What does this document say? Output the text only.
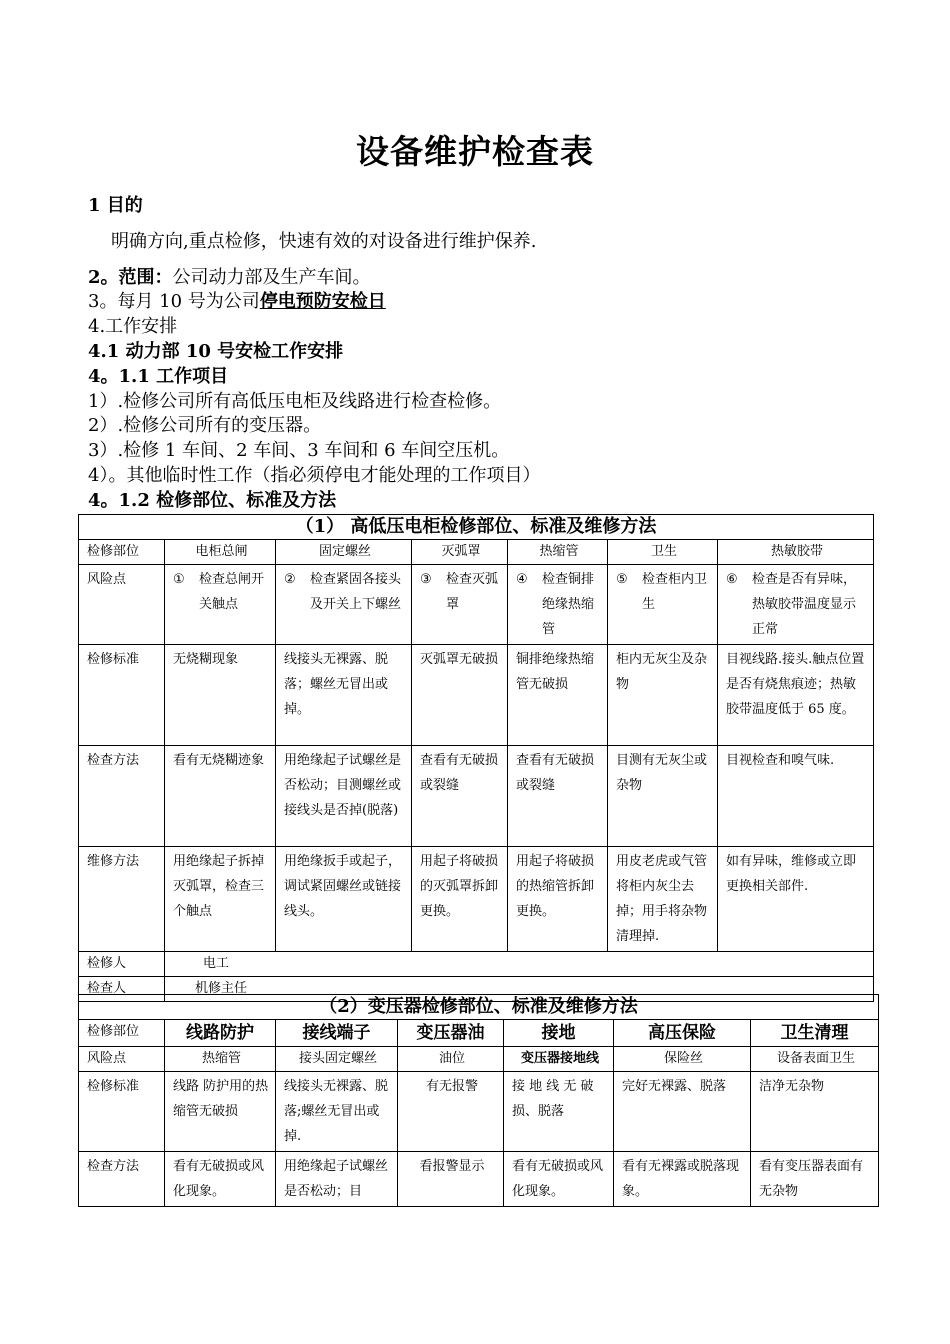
设备维护检查表
1 目的
明确方向,重点检修，快速有效的对设备进行维护保养.
2。范围：公司动力部及生产车间。
3。每月 10 号为公司停电预防安检日
4.工作安排
4.1 动力部 10 号安检工作安排
4。1.1 工作项目
1）.检修公司所有高低压电柜及线路进行检查检修。
2）.检修公司所有的变压器。
3）.检修 1 车间、2 车间、3 车间和 6 车间空压机。
4）。其他临时性工作（指必须停电才能处理的工作项目）
4。1.2 检修部位、标准及方法
（1） 高低压电柜检修部位、标准及维修方法						
检修部位	电柜总闸	固定螺丝	灭弧罩	热缩管	卫生	热敏胶带
风险点	① 检查总闸开关触点	② 检查紧固各接头及开关上下螺丝	③ 检查灭弧罩	④ 检查铜排绝缘热缩管	⑤ 检查柜内卫生	⑥ 检查是否有异味，热敏胶带温度显示正常

检修标准	无烧糊现象	线接头无裸露、脱落；螺丝无冒出或掉。	灭弧罩无破损	铜排绝缘热缩管无破损	柜内无灰尘及杂物	目视线路.接头.触点位置是否有烧焦痕迹；热敏胶带温度低于 65 度。
检查方法	看有无烧糊迹象	用绝缘起子试螺丝是否松动；目测螺丝或接线头是否掉(脱落)	查看有无破损或裂缝	查看有无破损或裂缝	目测有无灰尘或杂物	目视检查和嗅气味.
维修方法	用绝缘起子拆掉灭弧罩，检查三个触点	用绝缘扳手或起子，调试紧固螺丝或链接线头。	用起子将破损的灭弧罩拆卸更换。	用起子将破损的热缩管拆卸更换。	用皮老虎或气管将柜内灰尘去掉；用手将杂物清理掉.	如有异味，维修或立即更换相关部件.
检修人	电工					
检查人	机修主任					
（2）变压器检修部位、标准及维修方法						
检修部位	线路防护	接线端子	变压器油	接地	高压保险	卫生清理
风险点	热缩管	接头固定螺丝	油位	变压器接地线	保险丝	设备表面卫生
检修标准	线路 防护用的热缩管无破损	线接头无裸露、脱落;螺丝无冒出或掉.	有无报警	接 地 线 无 破损、脱落	完好无裸露、脱落	洁净无杂物
检查方法	看有无破损或风化现象。	用绝缘起子试螺丝是否松动；目	看报警显示	看有无破损或风化现象。	看有无裸露或脱落现象。	看有变压器表面有无杂物
